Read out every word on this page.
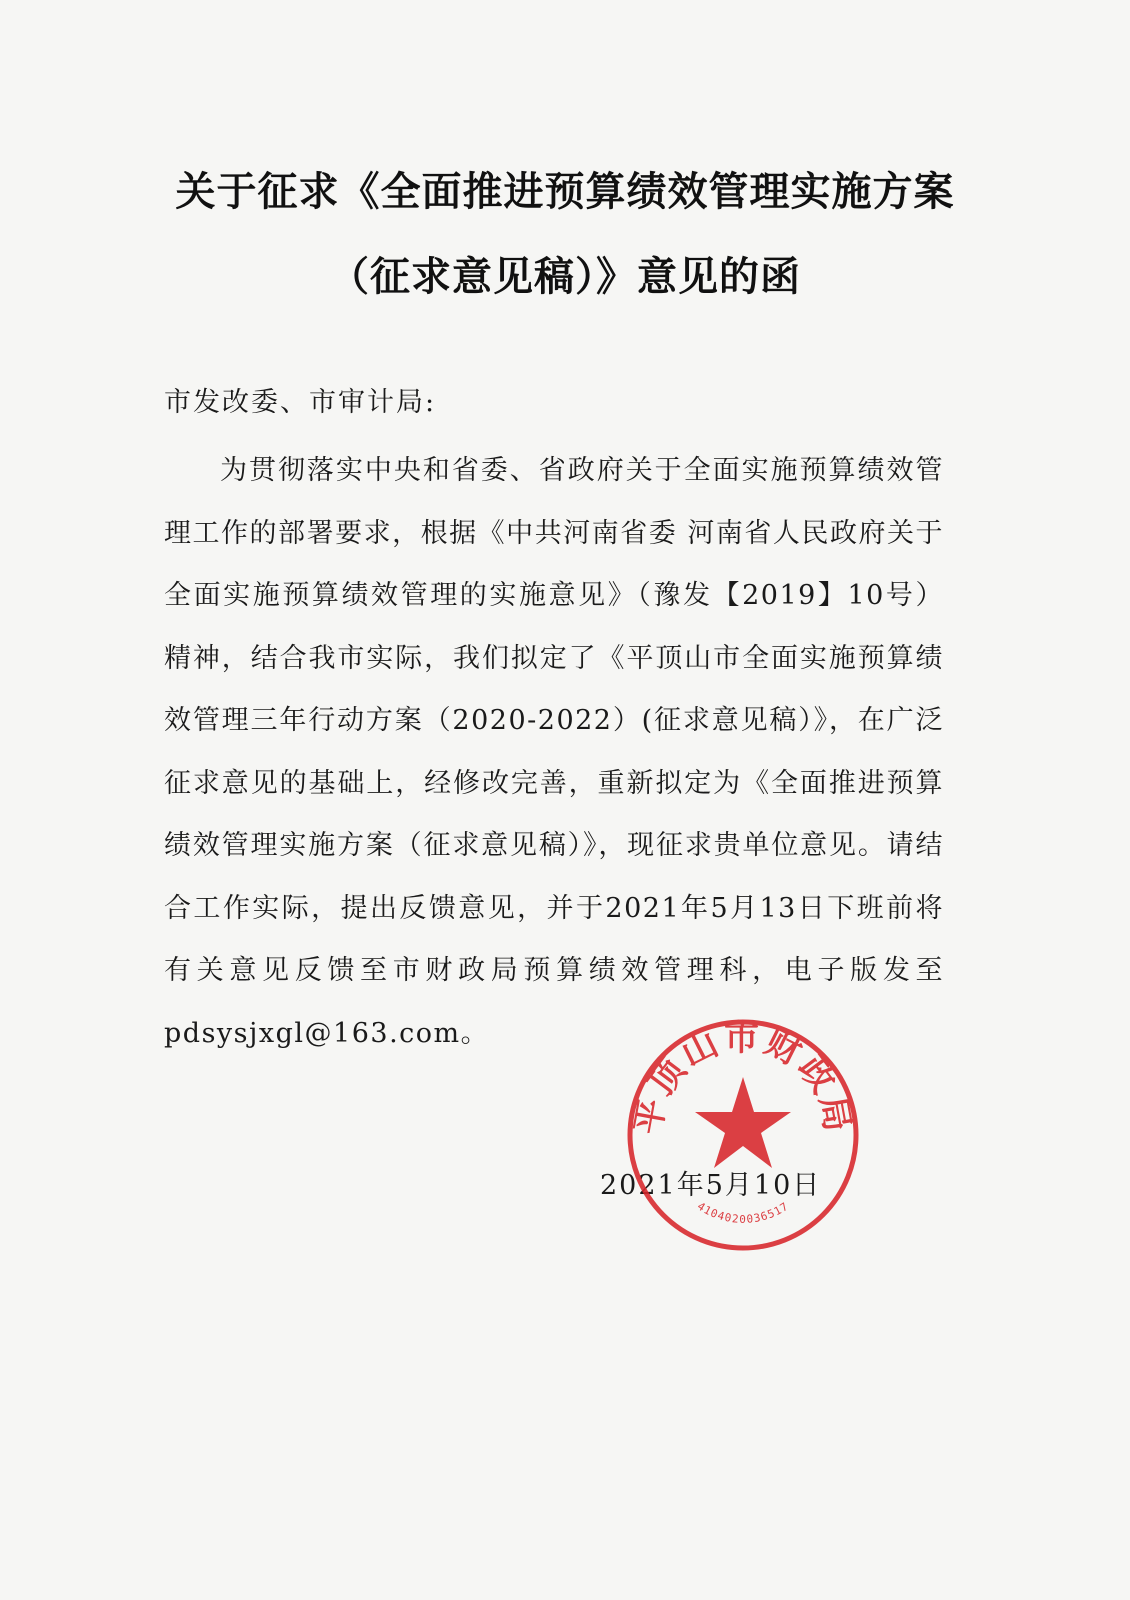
关于征求《全面推进预算绩效管理实施方案
（征求意见稿）》意见的函
市发改委、市审计局:
为贯彻落实中央和省委、省政府关于全面实施预算绩效管理工作的部署要求，根据《中共河南省委 河南省人民政府关于全面实施预算绩效管理的实施意见》（豫发【2019】10号）精神，结合我市实际，我们拟定了《平顶山市全面实施预算绩效管理三年行动方案（2020-2022）(征求意见稿）》，在广泛征求意见的基础上，经修改完善，重新拟定为《全面推进预算绩效管理实施方案（征求意见稿）》，现征求贵单位意见。请结合工作实际，提出反馈意见，并于2021年5月13日下班前将有关意见反馈至市财政局预算绩效管理科，电子版发至 pdsysjxgl@163.com。
2021年5月10日
平顶山市财政局
4104020036517
